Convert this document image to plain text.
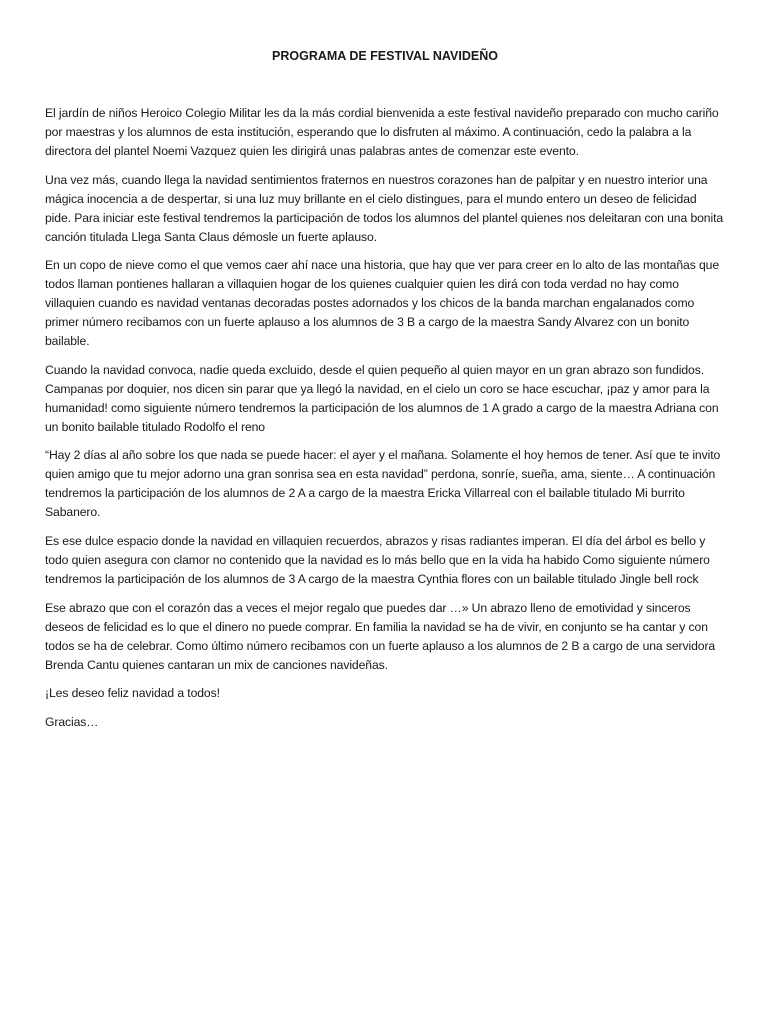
PROGRAMA DE FESTIVAL NAVIDEÑO

El jardín de niños Heroico Colegio Militar les da la más cordial bienvenida a este festival navideño preparado con mucho cariño por maestras y los alumnos de esta institución, esperando que lo disfruten al máximo. A continuación, cedo la palabra a la directora del plantel Noemi Vazquez quien les dirigirá unas palabras antes de comenzar este evento.

Una vez más, cuando llega la navidad sentimientos fraternos en nuestros corazones han de palpitar y en nuestro interior una mágica inocencia a de despertar, si una luz muy brillante en el cielo distingues, para el mundo entero un deseo de felicidad pide. Para iniciar este festival tendremos la participación de todos los alumnos del plantel quienes nos deleitaran con una bonita canción titulada Llega Santa Claus démosle un fuerte aplauso.

En un copo de nieve como el que vemos caer ahí nace una historia, que hay que ver para creer en lo alto de las montañas que todos llaman pontienes hallaran a villaquien hogar de los quienes cualquier quien les dirá con toda verdad no hay como villaquien cuando es navidad ventanas decoradas postes adornados y los chicos de la banda marchan engalanados como primer número recibamos con un fuerte aplauso a los alumnos de 3 B a cargo de la maestra Sandy Alvarez con un bonito bailable.

Cuando la navidad convoca, nadie queda excluido, desde el quien pequeño al quien mayor en un gran abrazo son fundidos. Campanas por doquier, nos dicen sin parar que ya llegó la navidad, en el cielo un coro se hace escuchar, ¡paz y amor para la humanidad! como siguiente número tendremos la participación de los alumnos de 1 A grado a cargo de la maestra Adriana con un bonito bailable titulado Rodolfo el reno

“Hay 2 días al año sobre los que nada se puede hacer: el ayer y el mañana. Solamente el hoy hemos de tener. Así que te invito quien amigo que tu mejor adorno una gran sonrisa sea en esta navidad” perdona, sonríe, sueña, ama, siente… A continuación tendremos la participación de los alumnos de 2 A a cargo de la maestra Ericka Villarreal con el bailable titulado Mi burrito Sabanero.

Es ese dulce espacio donde la navidad en villaquien recuerdos, abrazos y risas radiantes imperan. El día del árbol es bello y todo quien asegura con clamor no contenido que la navidad es lo más bello que en la vida ha habido Como siguiente número tendremos la participación de los alumnos de 3 A cargo de la maestra Cynthia flores con un bailable titulado Jingle bell rock

Ese abrazo que con el corazón das a veces el mejor regalo que puedes dar …» Un abrazo lleno de emotividad y sinceros deseos de felicidad es lo que el dinero no puede comprar. En familia la navidad se ha de vivir, en conjunto se ha cantar y con todos se ha de celebrar. Como último número recibamos con un fuerte aplauso a los alumnos de 2 B a cargo de una servidora Brenda Cantu quienes cantaran un mix de canciones navideñas.

¡Les deseo feliz navidad a todos!

Gracias…
